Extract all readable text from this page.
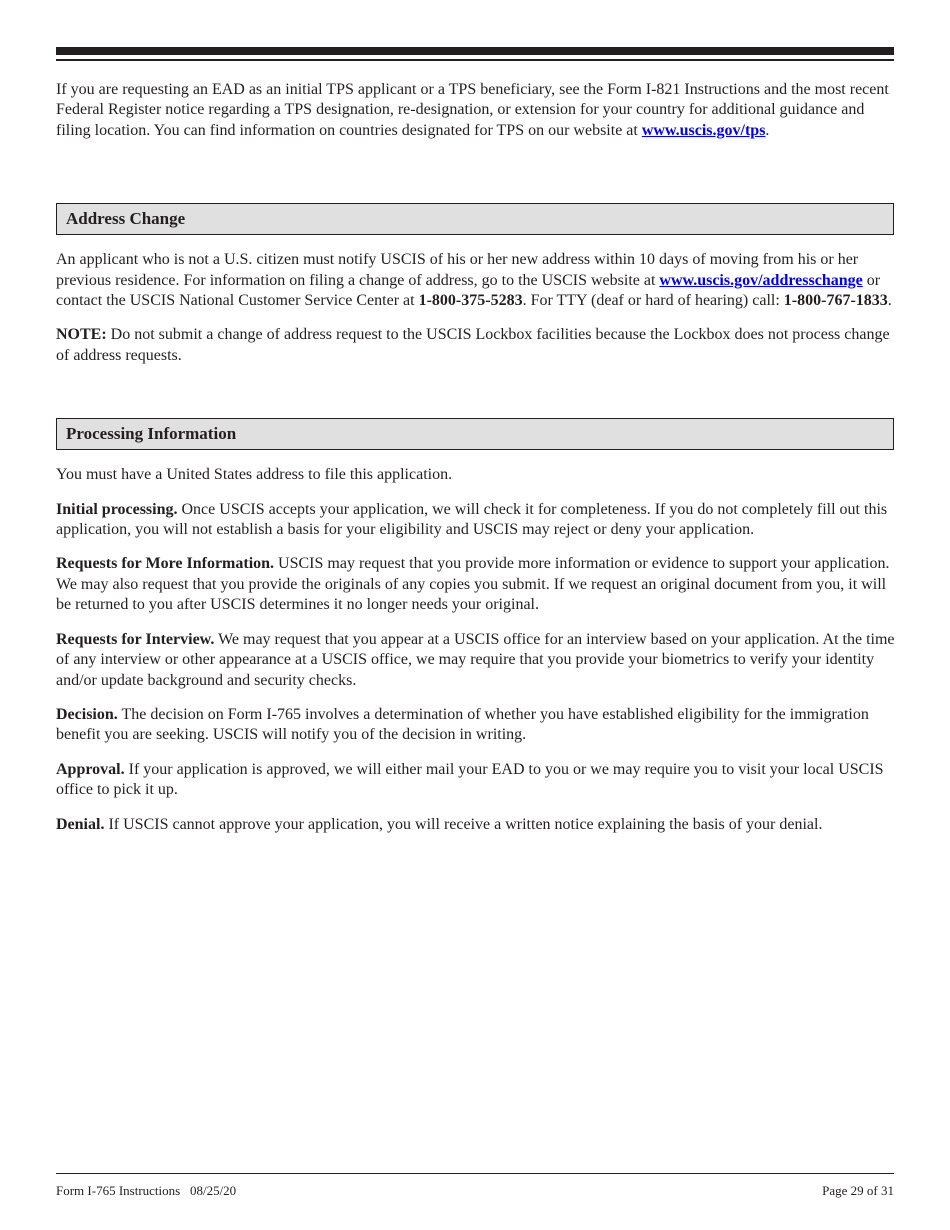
If you are requesting an EAD as an initial TPS applicant or a TPS beneficiary, see the Form I-821 Instructions and the most recent Federal Register notice regarding a TPS designation, re-designation, or extension for your country for additional guidance and filing location. You can find information on countries designated for TPS on our website at www.uscis.gov/tps.

Address Change

An applicant who is not a U.S. citizen must notify USCIS of his or her new address within 10 days of moving from his or her previous residence. For information on filing a change of address, go to the USCIS website at www.uscis.gov/addresschange or contact the USCIS National Customer Service Center at 1-800-375-5283. For TTY (deaf or hard of hearing) call: 1-800-767-1833.

NOTE: Do not submit a change of address request to the USCIS Lockbox facilities because the Lockbox does not process change of address requests.

Processing Information

You must have a United States address to file this application.

Initial processing. Once USCIS accepts your application, we will check it for completeness. If you do not completely fill out this application, you will not establish a basis for your eligibility and USCIS may reject or deny your application.

Requests for More Information. USCIS may request that you provide more information or evidence to support your application. We may also request that you provide the originals of any copies you submit. If we request an original document from you, it will be returned to you after USCIS determines it no longer needs your original.

Requests for Interview. We may request that you appear at a USCIS office for an interview based on your application. At the time of any interview or other appearance at a USCIS office, we may require that you provide your biometrics to verify your identity and/or update background and security checks.

Decision. The decision on Form I-765 involves a determination of whether you have established eligibility for the immigration benefit you are seeking. USCIS will notify you of the decision in writing.

Approval. If your application is approved, we will either mail your EAD to you or we may require you to visit your local USCIS office to pick it up.

Denial. If USCIS cannot approve your application, you will receive a written notice explaining the basis of your denial.

Form I-765 Instructions   08/25/20	Page 29 of 31
